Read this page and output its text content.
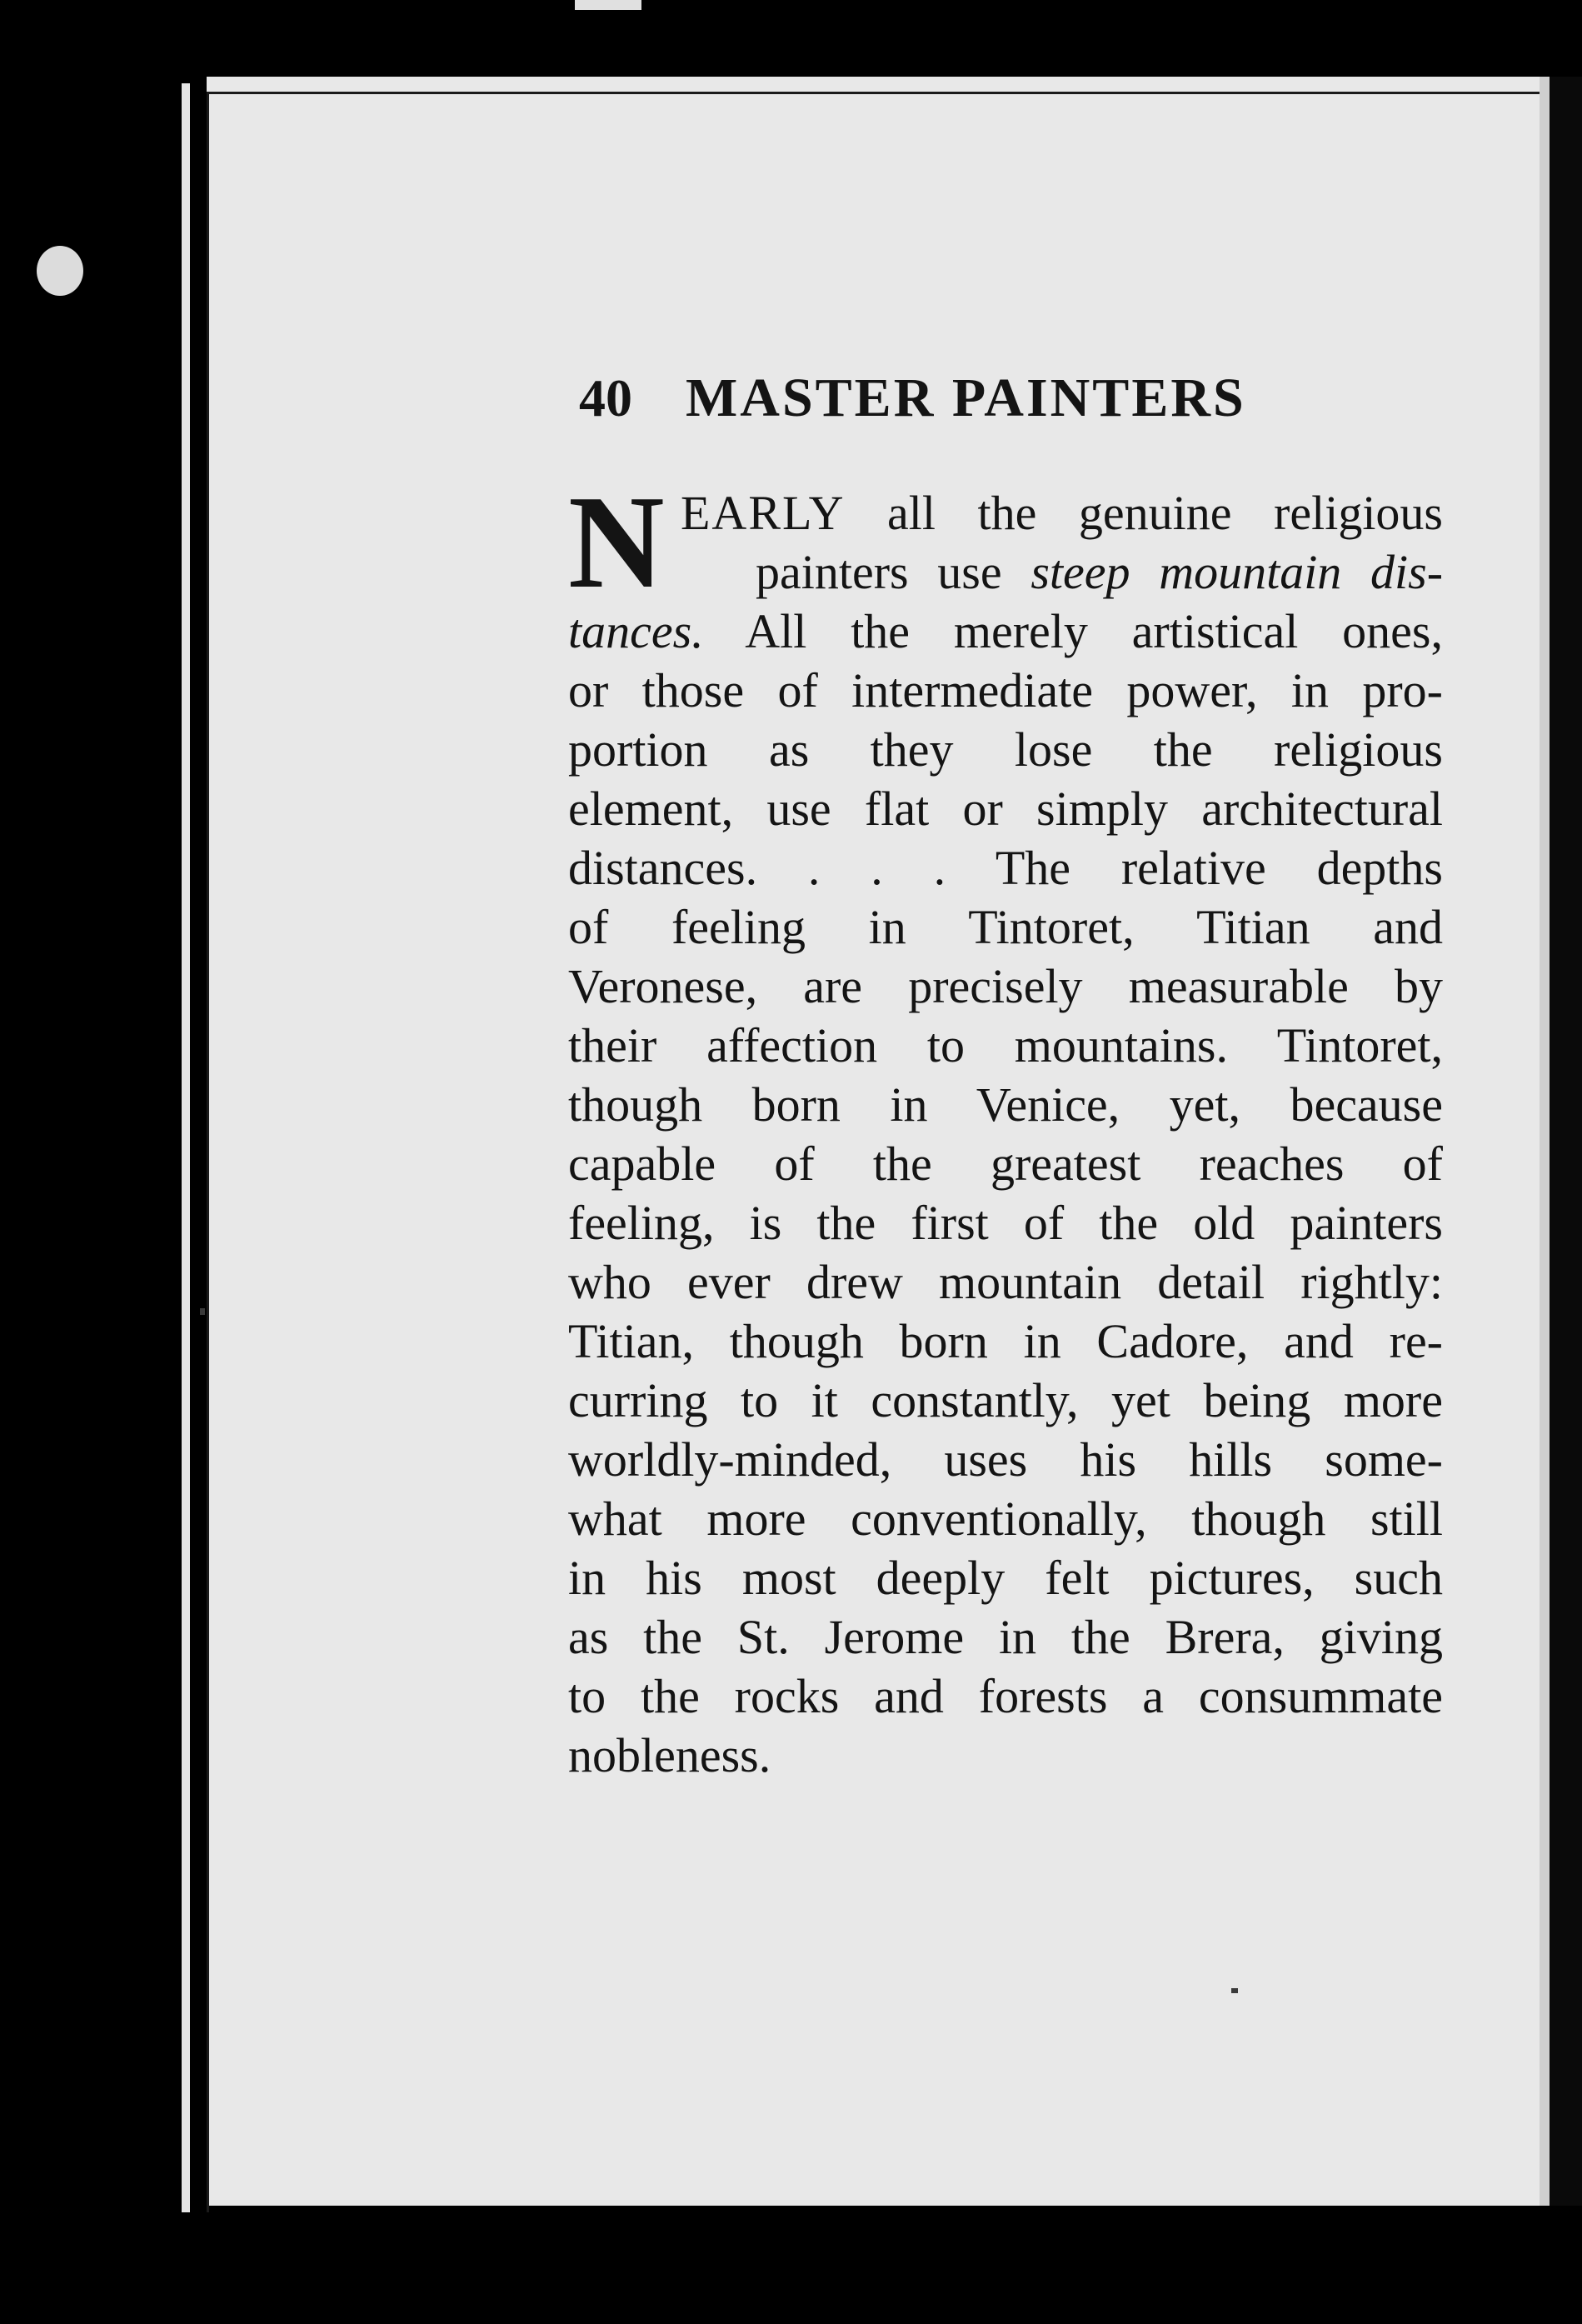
40 MASTER PAINTERS
N EARLY all the genuine religious
painters use steep mountain dis-
tances. All the merely artistical ones,
or those of intermediate power, in pro-
portion as they lose the religious
element, use flat or simply architectural
distances. . . . The relative depths
of feeling in Tintoret, Titian and
Veronese, are precisely measurable by
their affection to mountains. Tintoret,
though born in Venice, yet, because
capable of the greatest reaches of
feeling, is the first of the old painters
who ever drew mountain detail rightly:
Titian, though born in Cadore, and re-
curring to it constantly, yet being more
worldly-minded, uses his hills some-
what more conventionally, though still
in his most deeply felt pictures, such
as the St. Jerome in the Brera, giving
to the rocks and forests a consummate
nobleness.
